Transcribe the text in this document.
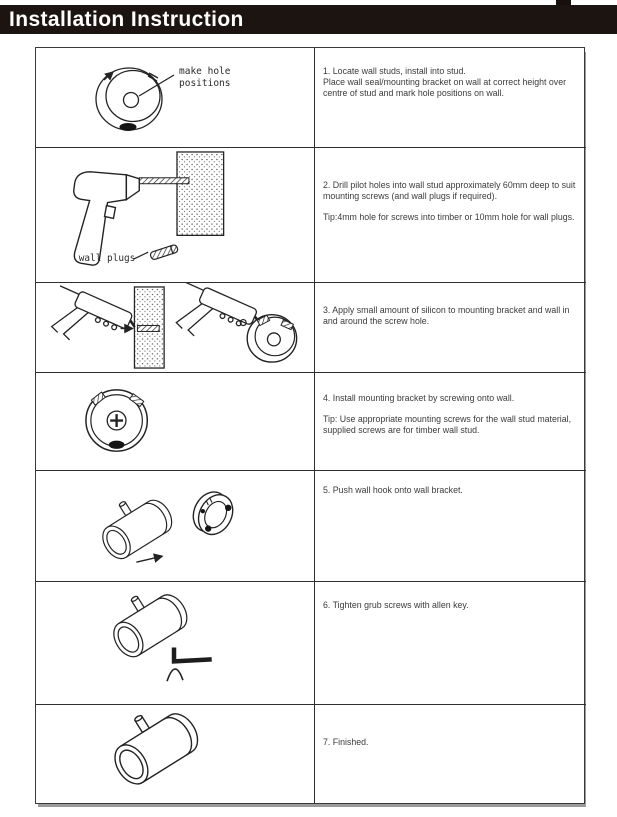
Installation Instruction
make hole
positions

1. Locate wall studs, install into stud.

Place wall seal/mounting bracket on wall at correct height over centre of stud and mark hole positions on wall.

wall plugs

2. Drill pilot holes into wall stud approximately 60mm deep to suit mounting screws (and wall plugs if required).

Tip:4mm hole for screws into timber or 10mm hole for wall plugs.

3. Apply small amount of silicon to mounting bracket and wall in and around the screw hole.

4. Install mounting bracket by screwing onto wall.

Tip: Use appropriate mounting screws for the wall stud material, supplied screws are for timber wall stud.

5. Push wall hook onto wall bracket.

6. Tighten grub screws with allen key.

7. Finished.
